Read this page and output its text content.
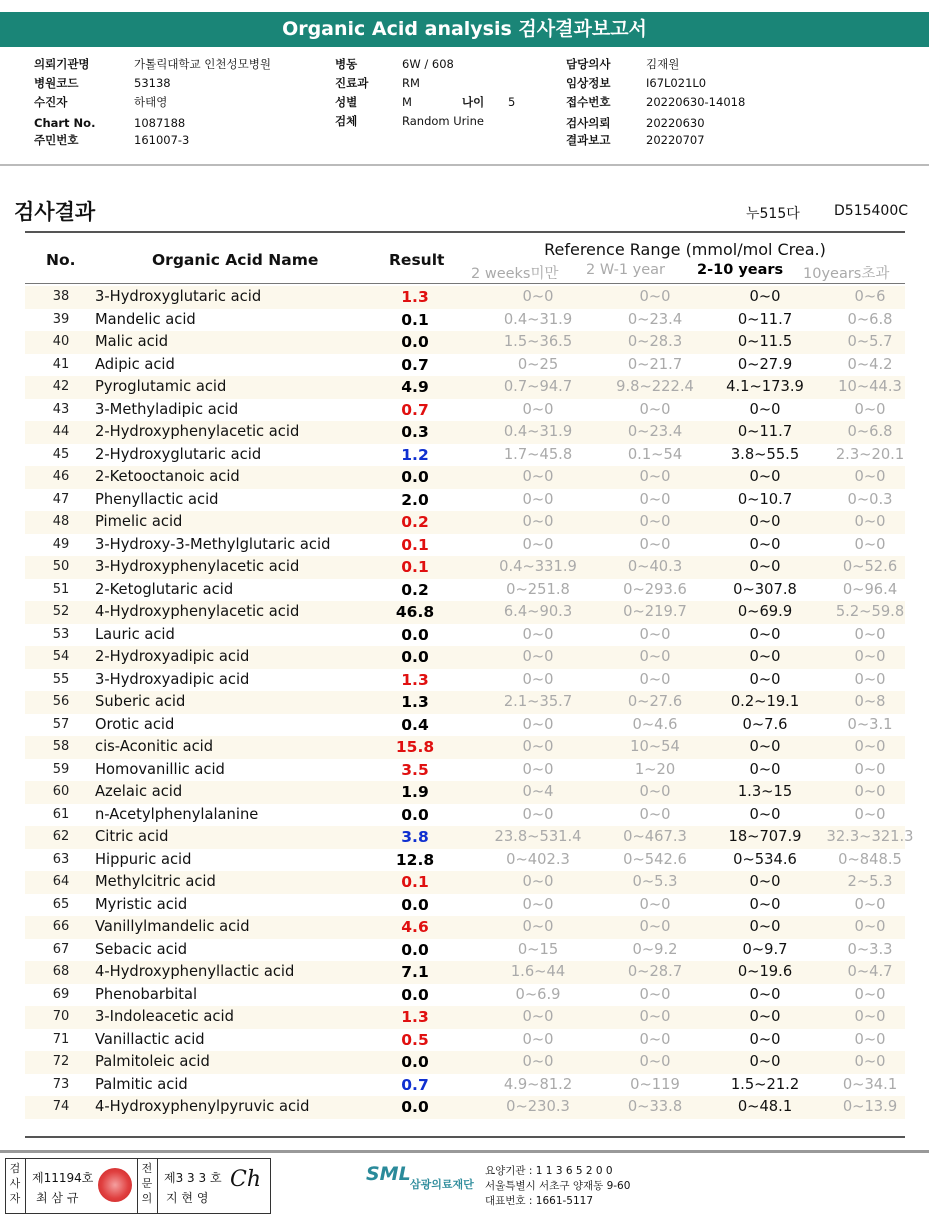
Organic Acid analysis 검사결과보고서
의뢰기관명	가톨릭대학교 인천성모병원
병원코드	53138
수진자	하태영
Chart No.	1087188
주민번호	161007-3
병동	6W / 608
진료과	RM
성별	M	나이 5
검체	Random Urine
담당의사	김재원
임상정보	I67L021L0
접수번호	20220630-14018
검사의뢰	20220630
결과보고	20220707
검사결과	누515다 D515400C
No.	Organic Acid Name	Result
Reference Range (mmol/mol Crea.)
2 weeks미만 2 W-1 year 2-10 years 10years초과
38	3-Hydroxyglutaric acid	1.3	0~0	0~0	0~0	0~6
39	Mandelic acid	0.1	0.4~31.9	0~23.4	0~11.7	0~6.8
40	Malic acid	0.0	1.5~36.5	0~28.3	0~11.5	0~5.7
41	Adipic acid	0.7	0~25	0~21.7	0~27.9	0~4.2
42	Pyroglutamic acid	4.9	0.7~94.7	9.8~222.4	4.1~173.9	10~44.3
43	3-Methyladipic acid	0.7	0~0	0~0	0~0	0~0
44	2-Hydroxyphenylacetic acid	0.3	0.4~31.9	0~23.4	0~11.7	0~6.8
45	2-Hydroxyglutaric acid	1.2	1.7~45.8	0.1~54	3.8~55.5	2.3~20.1
46	2-Ketooctanoic acid	0.0	0~0	0~0	0~0	0~0
47	Phenyllactic acid	2.0	0~0	0~0	0~10.7	0~0.3
48	Pimelic acid	0.2	0~0	0~0	0~0	0~0
49	3-Hydroxy-3-Methylglutaric acid	0.1	0~0	0~0	0~0	0~0
50	3-Hydroxyphenylacetic acid	0.1	0.4~331.9	0~40.3	0~0	0~52.6
51	2-Ketoglutaric acid	0.2	0~251.8	0~293.6	0~307.8	0~96.4
52	4-Hydroxyphenylacetic acid	46.8	6.4~90.3	0~219.7	0~69.9	5.2~59.8
53	Lauric acid	0.0	0~0	0~0	0~0	0~0
54	2-Hydroxyadipic acid	0.0	0~0	0~0	0~0	0~0
55	3-Hydroxyadipic acid	1.3	0~0	0~0	0~0	0~0
56	Suberic acid	1.3	2.1~35.7	0~27.6	0.2~19.1	0~8
57	Orotic acid	0.4	0~0	0~4.6	0~7.6	0~3.1
58	cis-Aconitic acid	15.8	0~0	10~54	0~0	0~0
59	Homovanillic acid	3.5	0~0	1~20	0~0	0~0
60	Azelaic acid	1.9	0~4	0~0	1.3~15	0~0
61	n-Acetylphenylalanine	0.0	0~0	0~0	0~0	0~0
62	Citric acid	3.8	23.8~531.4	0~467.3	18~707.9	32.3~321.3
63	Hippuric acid	12.8	0~402.3	0~542.6	0~534.6	0~848.5
64	Methylcitric acid	0.1	0~0	0~5.3	0~0	2~5.3
65	Myristic acid	0.0	0~0	0~0	0~0	0~0
66	Vanillylmandelic acid	4.6	0~0	0~0	0~0	0~0
67	Sebacic acid	0.0	0~15	0~9.2	0~9.7	0~3.3
68	4-Hydroxyphenyllactic acid	7.1	1.6~44	0~28.7	0~19.6	0~4.7
69	Phenobarbital	0.0	0~6.9	0~0	0~0	0~0
70	3-Indoleacetic acid	1.3	0~0	0~0	0~0	0~0
71	Vanillactic acid	0.5	0~0	0~0	0~0	0~0
72	Palmitoleic acid	0.0	0~0	0~0	0~0	0~0
73	Palmitic acid	0.7	4.9~81.2	0~119	1.5~21.2	0~34.1
74	4-Hydroxyphenylpyruvic acid	0.0	0~230.3	0~33.8	0~48.1	0~13.9
검사자
제11194호
최 삼 규
전문의
제3 3 3 호
지 현 영
Ch	SML 삼광의료재단
요양기관 : 1 1 3 6 5 2 0 0
서울특별시 서초구 양재동 9-60
대표번호 : 1661-5117
